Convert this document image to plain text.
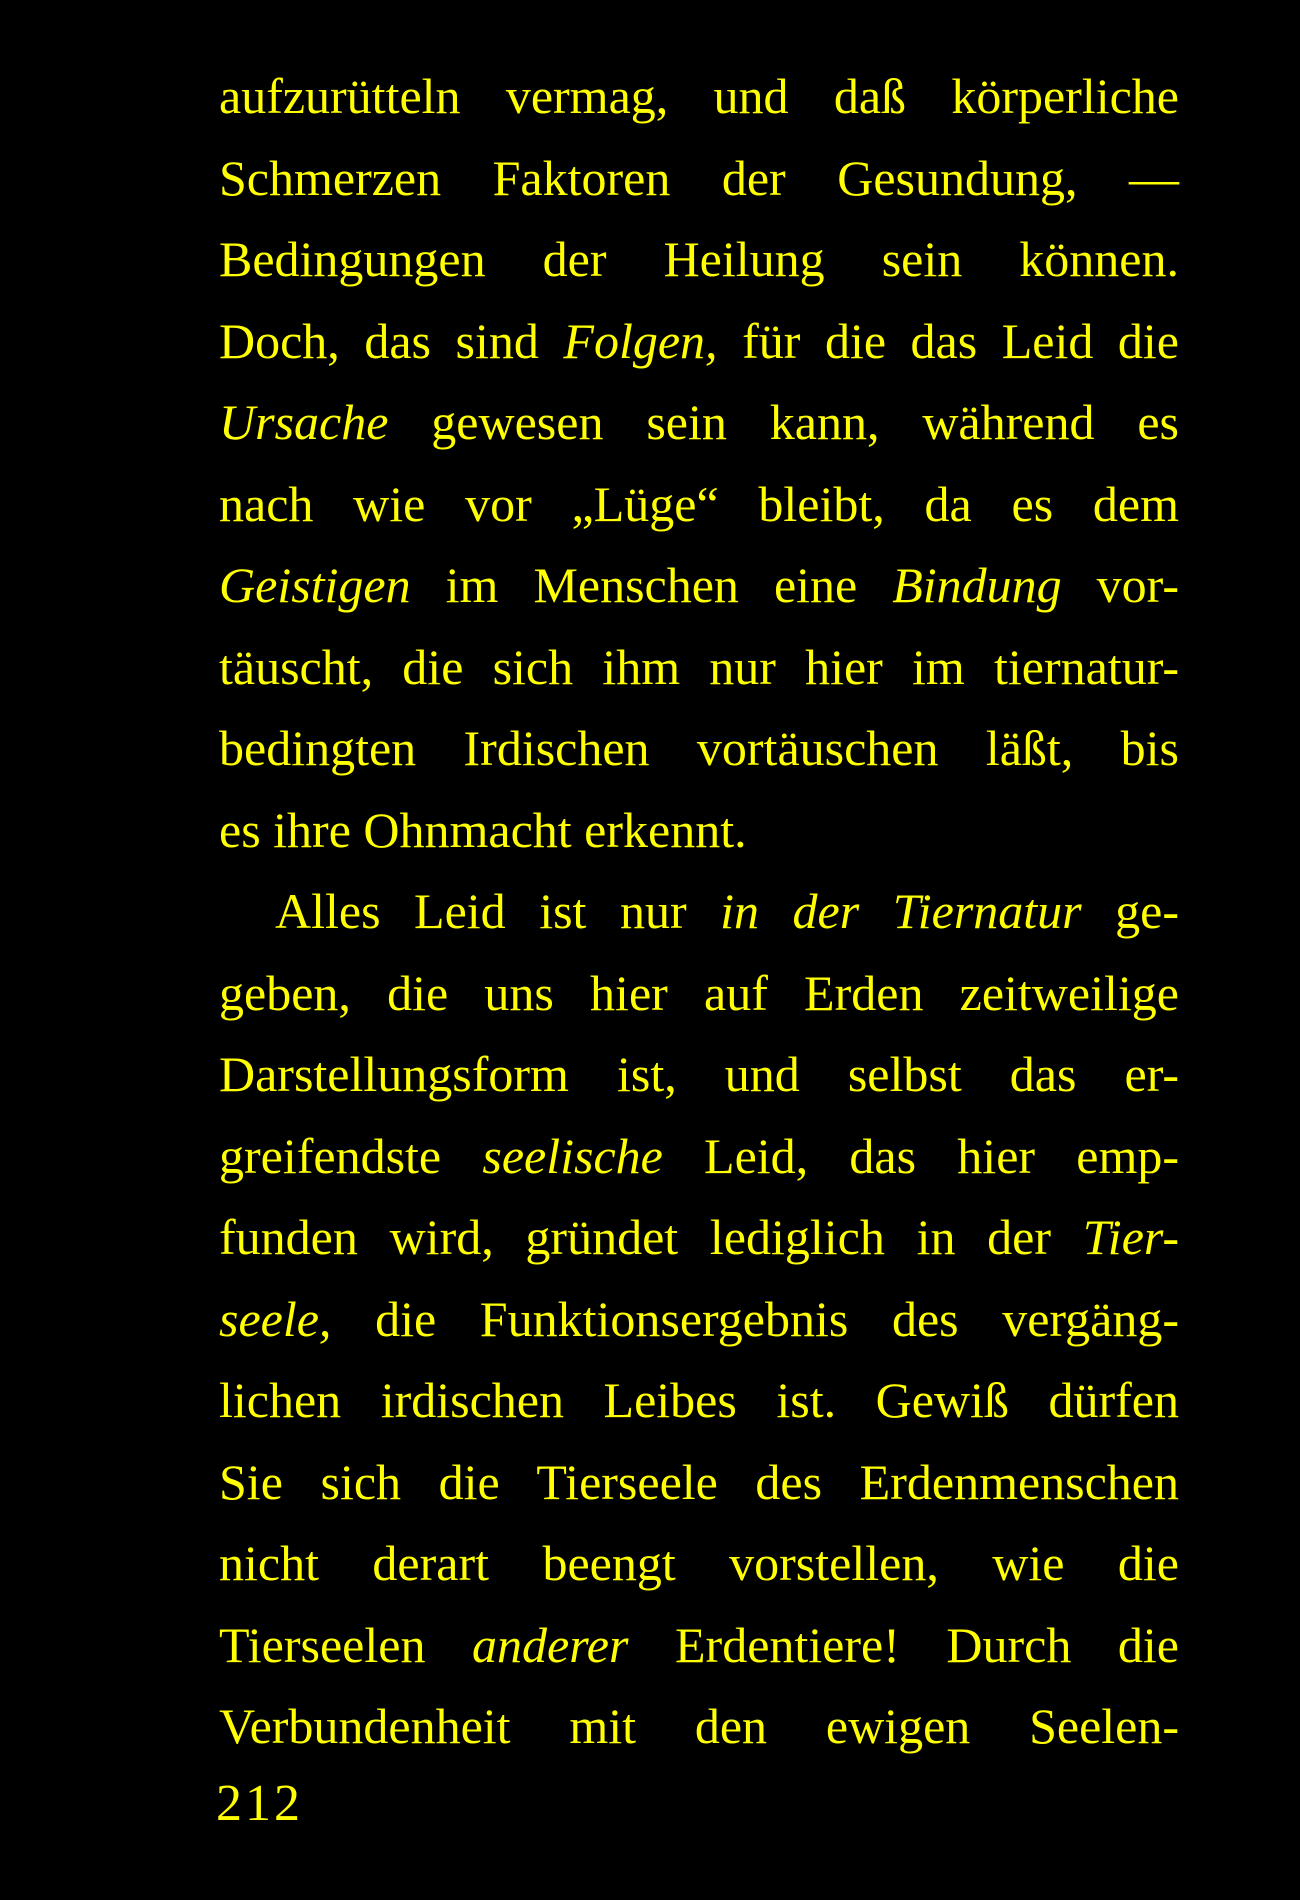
aufzurütteln vermag, und daß körperliche
Schmerzen Faktoren der Gesundung, —
Bedingungen der Heilung sein können.
Doch, das sind Folgen, für die das Leid die
Ursache gewesen sein kann, während es
nach wie vor „Lüge“ bleibt, da es dem
Geistigen im Menschen eine Bindung vor-
täuscht, die sich ihm nur hier im tiernatur-
bedingten Irdischen vortäuschen läßt, bis
es ihre Ohnmacht erkennt.
Alles Leid ist nur in der Tiernatur ge-
geben, die uns hier auf Erden zeitweilige
Darstellungsform ist, und selbst das er-
greifendste seelische Leid, das hier emp-
funden wird, gründet lediglich in der Tier-
seele, die Funktionsergebnis des vergäng-
lichen irdischen Leibes ist. Gewiß dürfen
Sie sich die Tierseele des Erdenmenschen
nicht derart beengt vorstellen, wie die
Tierseelen anderer Erdentiere! Durch die
Verbundenheit mit den ewigen Seelen-
212
